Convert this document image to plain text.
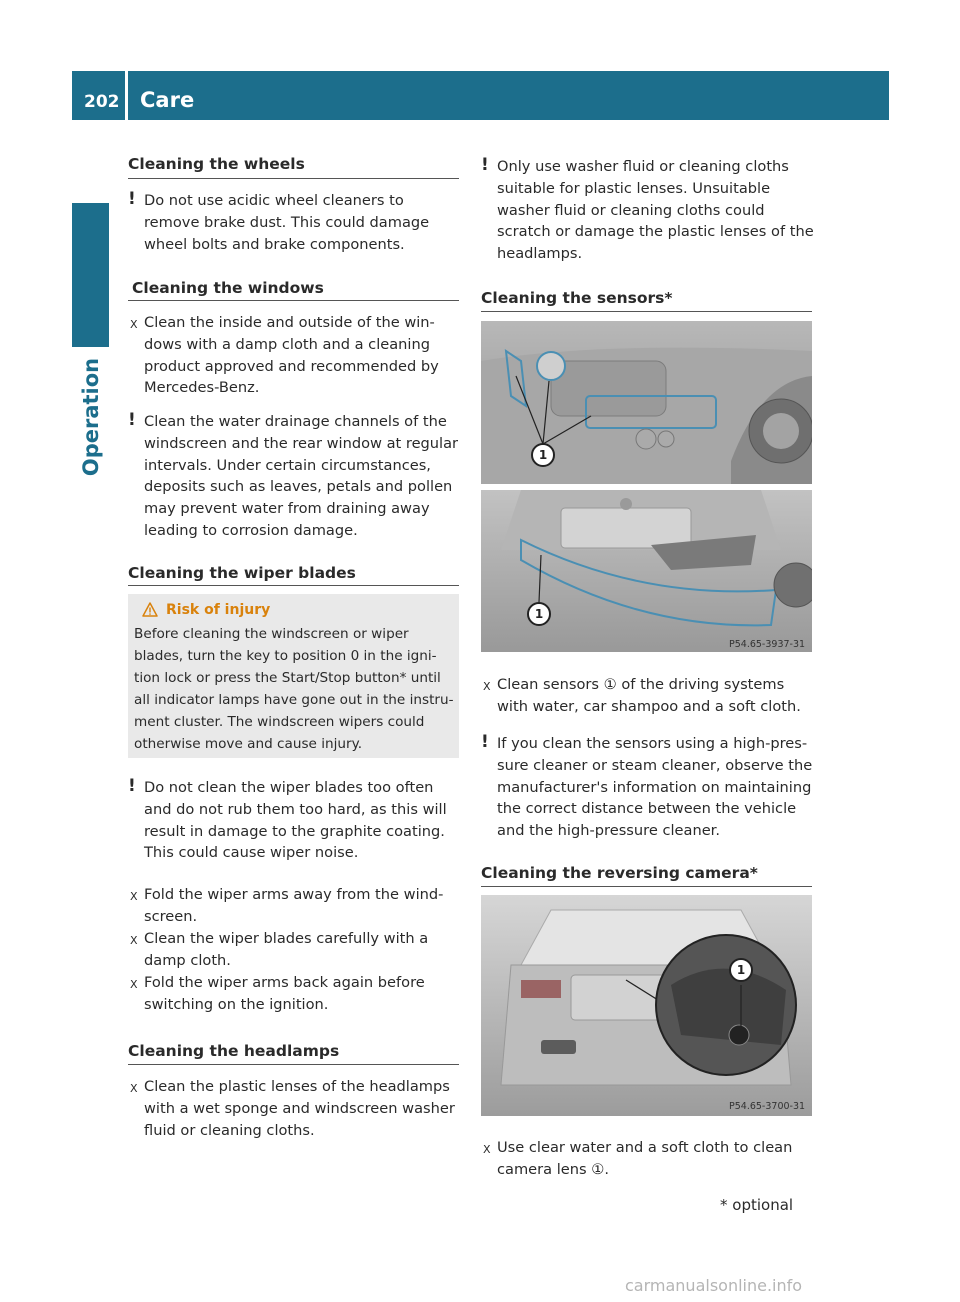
202 Care
Operation
Cleaning the wheels
! Do not use acidic wheel cleaners to
remove brake dust. This could damage
wheel bolts and brake components.
Cleaning the windows
X Clean the inside and outside of the win-
dows with a damp cloth and a cleaning
product approved and recommended by
Mercedes-Benz.
! Clean the water drainage channels of the
windscreen and the rear window at regular
intervals. Under certain circumstances,
deposits such as leaves, petals and pollen
may prevent water from draining away
leading to corrosion damage.
Cleaning the wiper blades
Risk of injury
Before cleaning the windscreen or wiper
blades, turn the key to position 0 in the igni-
tion lock or press the Start/Stop button* until
all indicator lamps have gone out in the instru-
ment cluster. The windscreen wipers could
otherwise move and cause injury.
! Do not clean the wiper blades too often
and do not rub them too hard, as this will
result in damage to the graphite coating.
This could cause wiper noise.
X Fold the wiper arms away from the wind-
screen.
X Clean the wiper blades carefully with a
damp cloth.
X Fold the wiper arms back again before
switching on the ignition.
Cleaning the headlamps
X Clean the plastic lenses of the headlamps
with a wet sponge and windscreen washer
fluid or cleaning cloths.
! Only use washer fluid or cleaning cloths
suitable for plastic lenses. Unsuitable
washer fluid or cleaning cloths could
scratch or damage the plastic lenses of the
headlamps.
Cleaning the sensors*
1
1
P54.65-3937-31
X Clean sensors ① of the driving systems
with water, car shampoo and a soft cloth.
! If you clean the sensors using a high-pres-
sure cleaner or steam cleaner, observe the
manufacturer's information on maintaining
the correct distance between the vehicle
and the high-pressure cleaner.
Cleaning the reversing camera*
1
P54.65-3700-31
X Use clear water and a soft cloth to clean
camera lens ①.
* optional
carmanualsonline.info
